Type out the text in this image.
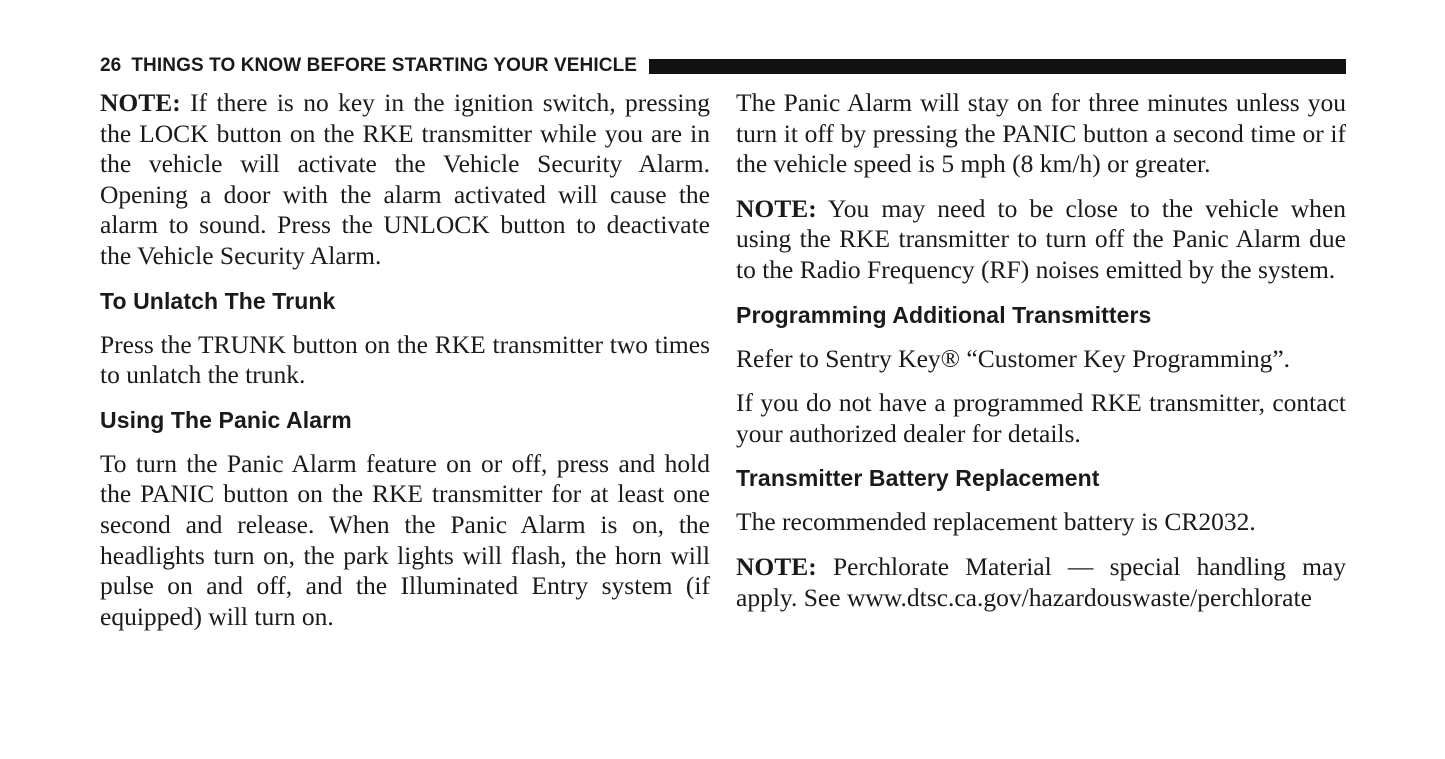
26 THINGS TO KNOW BEFORE STARTING YOUR VEHICLE

NOTE: If there is no key in the ignition switch, pressing the LOCK button on the RKE transmitter while you are in the vehicle will activate the Vehicle Security Alarm. Opening a door with the alarm activated will cause the alarm to sound. Press the UNLOCK button to deactivate the Vehicle Security Alarm.

To Unlatch The Trunk

Press the TRUNK button on the RKE transmitter two times to unlatch the trunk.

Using The Panic Alarm

To turn the Panic Alarm feature on or off, press and hold the PANIC button on the RKE transmitter for at least one second and release. When the Panic Alarm is on, the headlights turn on, the park lights will flash, the horn will pulse on and off, and the Illuminated Entry system (if equipped) will turn on.

The Panic Alarm will stay on for three minutes unless you turn it off by pressing the PANIC button a second time or if the vehicle speed is 5 mph (8 km/h) or greater.

NOTE: You may need to be close to the vehicle when using the RKE transmitter to turn off the Panic Alarm due to the Radio Frequency (RF) noises emitted by the system.

Programming Additional Transmitters

Refer to Sentry Key® “Customer Key Programming”.

If you do not have a programmed RKE transmitter, contact your authorized dealer for details.

Transmitter Battery Replacement

The recommended replacement battery is CR2032.

NOTE: Perchlorate Material — special handling may apply. See www.dtsc.ca.gov/hazardouswaste/perchlorate
